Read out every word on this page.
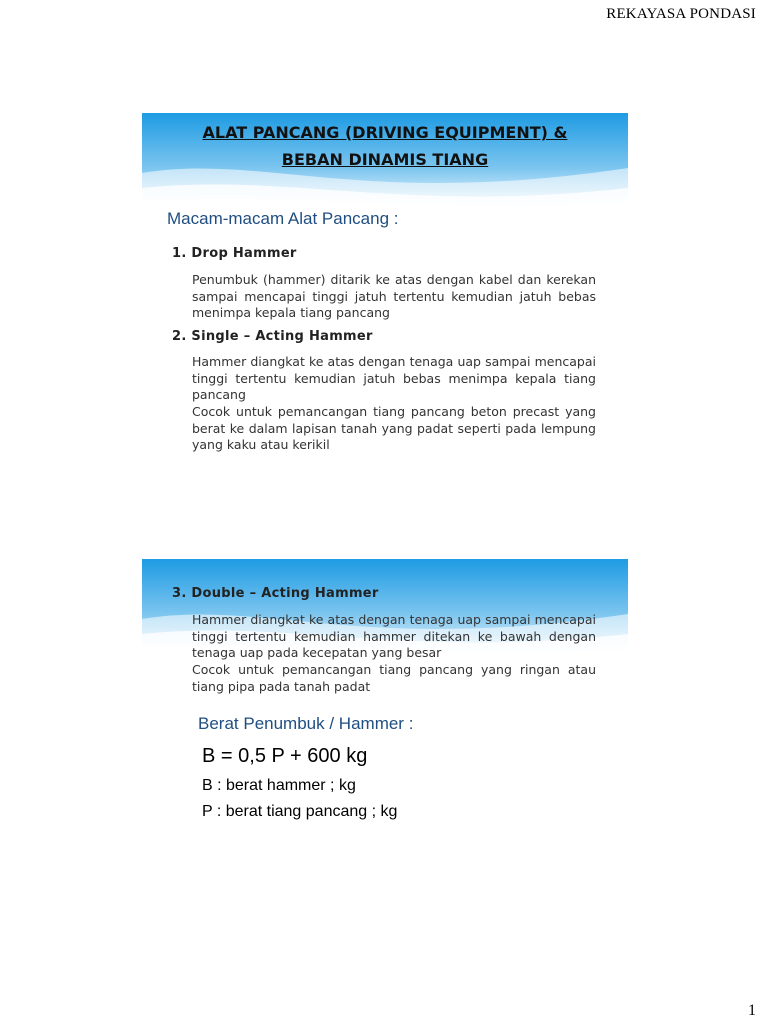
REKAYASA PONDASI
ALAT PANCANG (DRIVING EQUIPMENT) &
BEBAN DINAMIS TIANG
Macam-macam Alat Pancang :
1. Drop Hammer

Penumbuk (hammer) ditarik ke atas dengan kabel dan kerekan sampai mencapai tinggi jatuh tertentu kemudian jatuh bebas menimpa kepala tiang pancang

2. Single – Acting Hammer

Hammer diangkat ke atas dengan tenaga uap sampai mencapai tinggi tertentu kemudian jatuh bebas menimpa kepala tiang pancang

Cocok untuk pemancangan tiang pancang beton precast yang berat ke dalam lapisan tanah yang padat seperti pada lempung yang kaku atau kerikil

3. Double – Acting Hammer

Hammer diangkat ke atas dengan tenaga uap sampai mencapai tinggi tertentu kemudian hammer ditekan ke bawah dengan tenaga uap pada kecepatan yang besar

Cocok untuk pemancangan tiang pancang yang ringan atau tiang pipa pada tanah padat

Berat Penumbuk / Hammer :
B = 0,5 P + 600 kg
B : berat hammer ; kg
P : berat tiang pancang ; kg
1
